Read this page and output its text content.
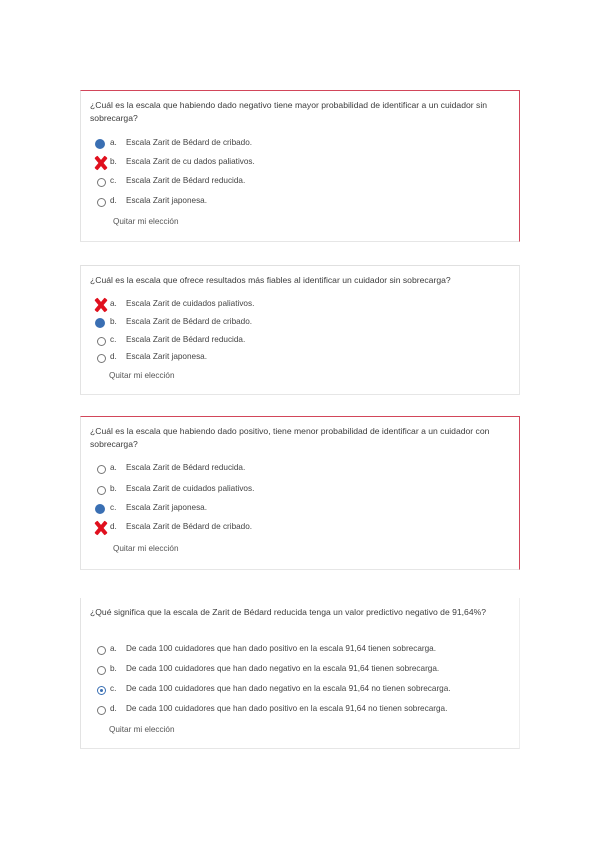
¿Cuál es la escala que habiendo dado negativo tiene mayor probabilidad de identificar a un cuidador sin sobrecarga?
a. Escala Zarit de Bédard de cribado.
b. Escala Zarit de cu dados paliativos.
c. Escala Zarit de Bédard reducida.
d. Escala Zarit japonesa.
Quitar mi elección
¿Cuál es la escala que ofrece resultados más fiables al identificar un cuidador sin sobrecarga?
a. Escala Zarit de cuidados paliativos.
b. Escala Zarit de Bédard de cribado.
c. Escala Zarit de Bédard reducida.
d. Escala Zarit japonesa.
Quitar mi elección
¿Cuál es la escala que habiendo dado positivo, tiene menor probabilidad de identificar a un cuidador con sobrecarga?
a. Escala Zarit de Bédard reducida.
b. Escala Zarit de cuidados paliativos.
c. Escala Zarit japonesa.
d. Escala Zarit de Bédard de cribado.
Quitar mi elección
¿Qué significa que la escala de Zarit de Bédard reducida tenga un valor predictivo negativo de 91,64%?
a. De cada 100 cuidadores que han dado positivo en la escala 91,64 tienen sobrecarga.
b. De cada 100 cuidadores que han dado negativo en la escala 91,64 tienen sobrecarga.
c. De cada 100 cuidadores que han dado negativo en la escala 91,64 no tienen sobrecarga.
d. De cada 100 cuidadores que han dado positivo en la escala 91,64 no tienen sobrecarga.
Quitar mi elección
